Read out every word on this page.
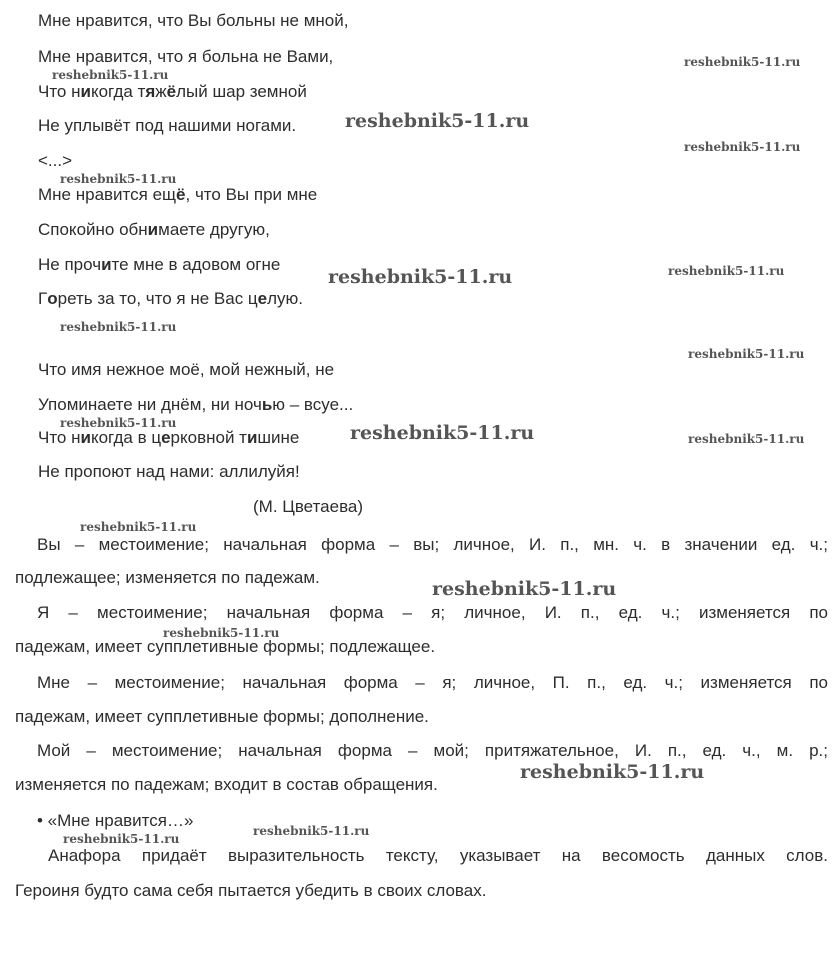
Мне нравится, что Вы больны не мной,
Мне нравится, что я больна не Вами,
Что никогда тяжёлый шар земной
Не уплывёт под нашими ногами.
<...>
Мне нравится ещё, что Вы при мне
Спокойно обнимаете другую,
Не прочите мне в адовом огне
Гореть за то, что я не Вас целую.
Что имя нежное моё, мой нежный, не
Упоминаете ни днём, ни ночью – всуе...
Что никогда в церковной тишине
Не пропоют над нами: аллилуйя!
(М. Цветаева)
Вы – местоимение; начальная форма – вы; личное, И. п., мн. ч. в значении ед. ч.;
подлежащее; изменяется по падежам.
Я – местоимение; начальная форма – я; личное, И. п., ед. ч.; изменяется по
падежам, имеет супплетивные формы; подлежащее.
Мне – местоимение; начальная форма – я; личное, П. п., ед. ч.; изменяется по
падежам, имеет супплетивные формы; дополнение.
Мой – местоимение; начальная форма – мой; притяжательное, И. п., ед. ч., м. р.;
изменяется по падежам; входит в состав обращения.
• «Мне нравится…»
Анафора придаёт выразительность тексту, указывает на весомость данных слов.
Героиня будто сама себя пытается убедить в своих словах.
reshebnik5-11.ru
reshebnik5-11.ru
reshebnik5-11.ru
reshebnik5-11.ru
reshebnik5-11.ru
reshebnik5-11.ru	reshebnik5-11.ru
reshebnik5-11.ru
reshebnik5-11.ru
reshebnik5-11.ru	reshebnik5-11.ru	reshebnik5-11.ru
reshebnik5-11.ru
reshebnik5-11.ru
reshebnik5-11.ru
reshebnik5-11.ru
reshebnik5-11.ru
reshebnik5-11.ru
